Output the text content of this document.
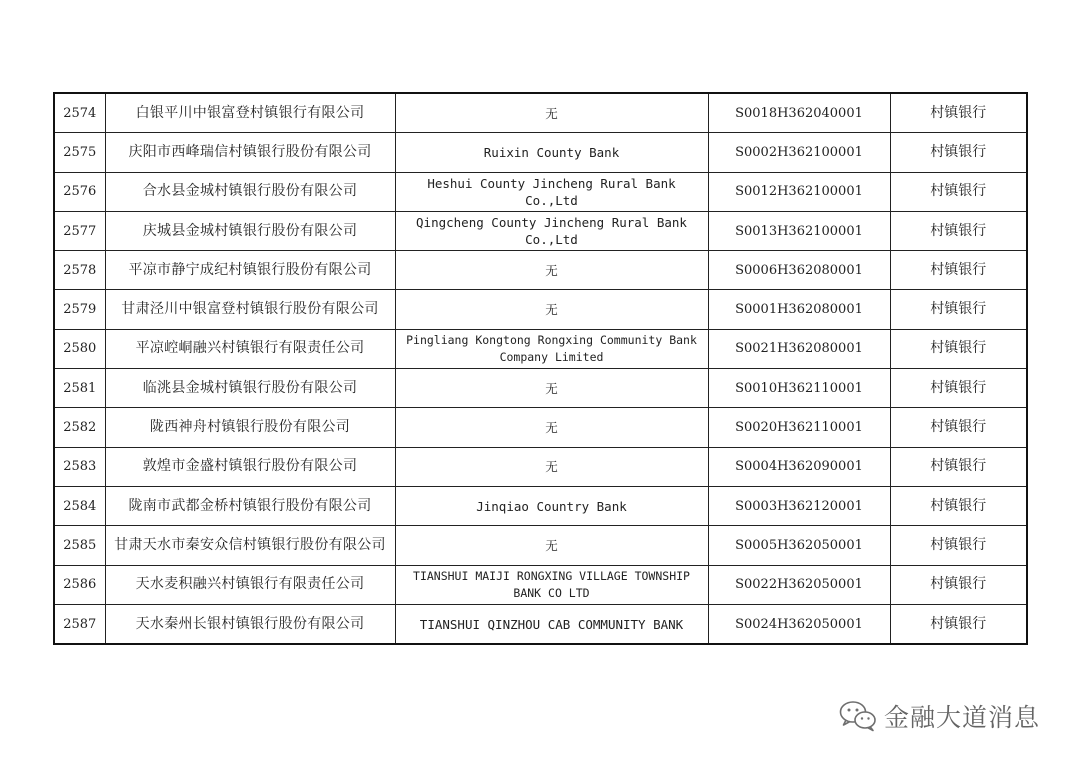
2574	白银平川中银富登村镇银行有限公司	无	S0018H362040001	村镇银行
2575	庆阳市西峰瑞信村镇银行股份有限公司	Ruixin County Bank	S0002H362100001	村镇银行
2576	合水县金城村镇银行股份有限公司	Heshui County Jincheng Rural Bank Co.,Ltd	S0012H362100001	村镇银行
2577	庆城县金城村镇银行股份有限公司	Qingcheng County Jincheng Rural Bank Co.,Ltd	S0013H362100001	村镇银行
2578	平凉市静宁成纪村镇银行股份有限公司	无	S0006H362080001	村镇银行
2579	甘肃泾川中银富登村镇银行股份有限公司	无	S0001H362080001	村镇银行
2580	平凉崆峒融兴村镇银行有限责任公司	Pingliang Kongtong Rongxing Community Bank Company Limited	S0021H362080001	村镇银行
2581	临洮县金城村镇银行股份有限公司	无	S0010H362110001	村镇银行
2582	陇西神舟村镇银行股份有限公司	无	S0020H362110001	村镇银行
2583	敦煌市金盛村镇银行股份有限公司	无	S0004H362090001	村镇银行
2584	陇南市武都金桥村镇银行股份有限公司	Jinqiao Country Bank	S0003H362120001	村镇银行
2585	甘肃天水市秦安众信村镇银行股份有限公司	无	S0005H362050001	村镇银行
2586	天水麦积融兴村镇银行有限责任公司	TIANSHUI MAIJI RONGXING VILLAGE TOWNSHIP BANK CO LTD	S0022H362050001	村镇银行
2587	天水秦州长银村镇银行股份有限公司	TIANSHUI QINZHOU CAB COMMUNITY BANK	S0024H362050001	村镇银行
金融大道消息
